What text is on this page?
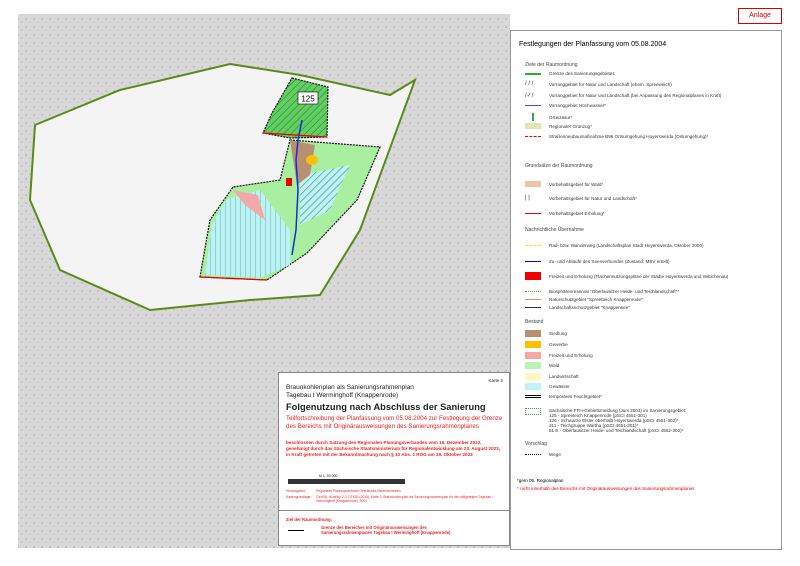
125
Anlage
Festlegungen der Planfassung vom 05.08.2004
Ziele der Raumordnung
Grenze des Sanierungsgebietes
/ / /	Vorranggebiet für Natur und Landschaft (ehem. Spreeweich)
/✓/	Vorranggebiet für Natur und Landschaft (bei Anpassung des Regionalplanes in Kraft)
Vorranggebiet Hochwasser*
Grünzäsur*
Regionaler Grünzug*
Straßenneubaumaßnahme B96 Ortsumgehung Hoyerswerda (Ostumgehung)*
Grundsätze der Raumordnung
Vorbehaltsgebiet für Wald*
| |	Vorbehaltsgebiet für Natur und Landschaft*
Vorbehaltsgebiet Erholung*
Nachrichtliche Übernahme
Rad- bzw. Wanderweg (Landschaftsplan Stadt Hoyerswerda, Oktober 2000)
Zu- und Ablaufe des Seenverbundes (Zustand: MBV erteilt)
Freizeit und Erholung (Flächennutzungspläne der Städte Hoyerswerda und Wittichenau)
Biosphärenreservat "Oberlausitzer Heide- und Teichlandschaft"*
Naturschutzgebiet "Spreetteich Knappenrode"
Landschaftsschutzgebiet "Knappensee"
Bestand
Siedlung
Gewerbe
Freizeit und Erholung
Wald
Landwirtschaft
Gewässer
temporäres Feuchtgebiet*
Sächsische FFH-Gebietsmeldung (Juni 2003) im Sanierungsgebiet:
125 - Spreeteich Knappenrode (pSCI 4551-301)
126 - Schwarze Elster oberhalb Hoyerswerda (pSCI 4551-302)*
311 - Teichgruppe Wartha (pSCI 4651-301)*
81 E - Oberlausitzer Heide- und Teichlandschaft (pSCI 4552-302)*
Vorschlag
Wege
*gem 05. Regionalplan
* nicht innerhalb des Bereichs mit Originärausweisungen des Sanierungsrahmenplanes
Karte 2
Braunkohlenplan als Sanierungsrahmenplan
Tagebau I Werminghoff (Knappenrode)
Folgenutzung nach Abschluss der Sanierung
Teilfortschreibung der Planfassung vom 05.08.2004 zur Festlegung der Grenze des Bereichs mit Originärausweisungen des Sanierungsrahmenplanes
beschlossen durch Satzung des Regionalen Planungsverbandes vom 15. Dezember 2022, genehmigt durch das Sächsische Staatsministerium für Regionalentwicklung am 23. August 2023, in Kraft getreten mit der Bekanntmachung nach § 10 Abs. 1 ROG am 19. Oktober 2023
M 1: 50 000
Herausgeber:	Regionaler Planungsverband Oberlausitz-Niederschlesien
Kartengrundlage: GeoSN, dl-de/by-2-0, DTK50 (2015); Karte 2, Braunkohlenplan als Sanierungsrahmenplan für den stillgelegten Tagebau I Werminghoff (Knappenrode), 2004
Ziel der Raumordnung:
Grenze des Bereiches mit Originärausweisungen des Sanierungsrahmenplanes Tagebau I Werminghoff (Knappenrode)
